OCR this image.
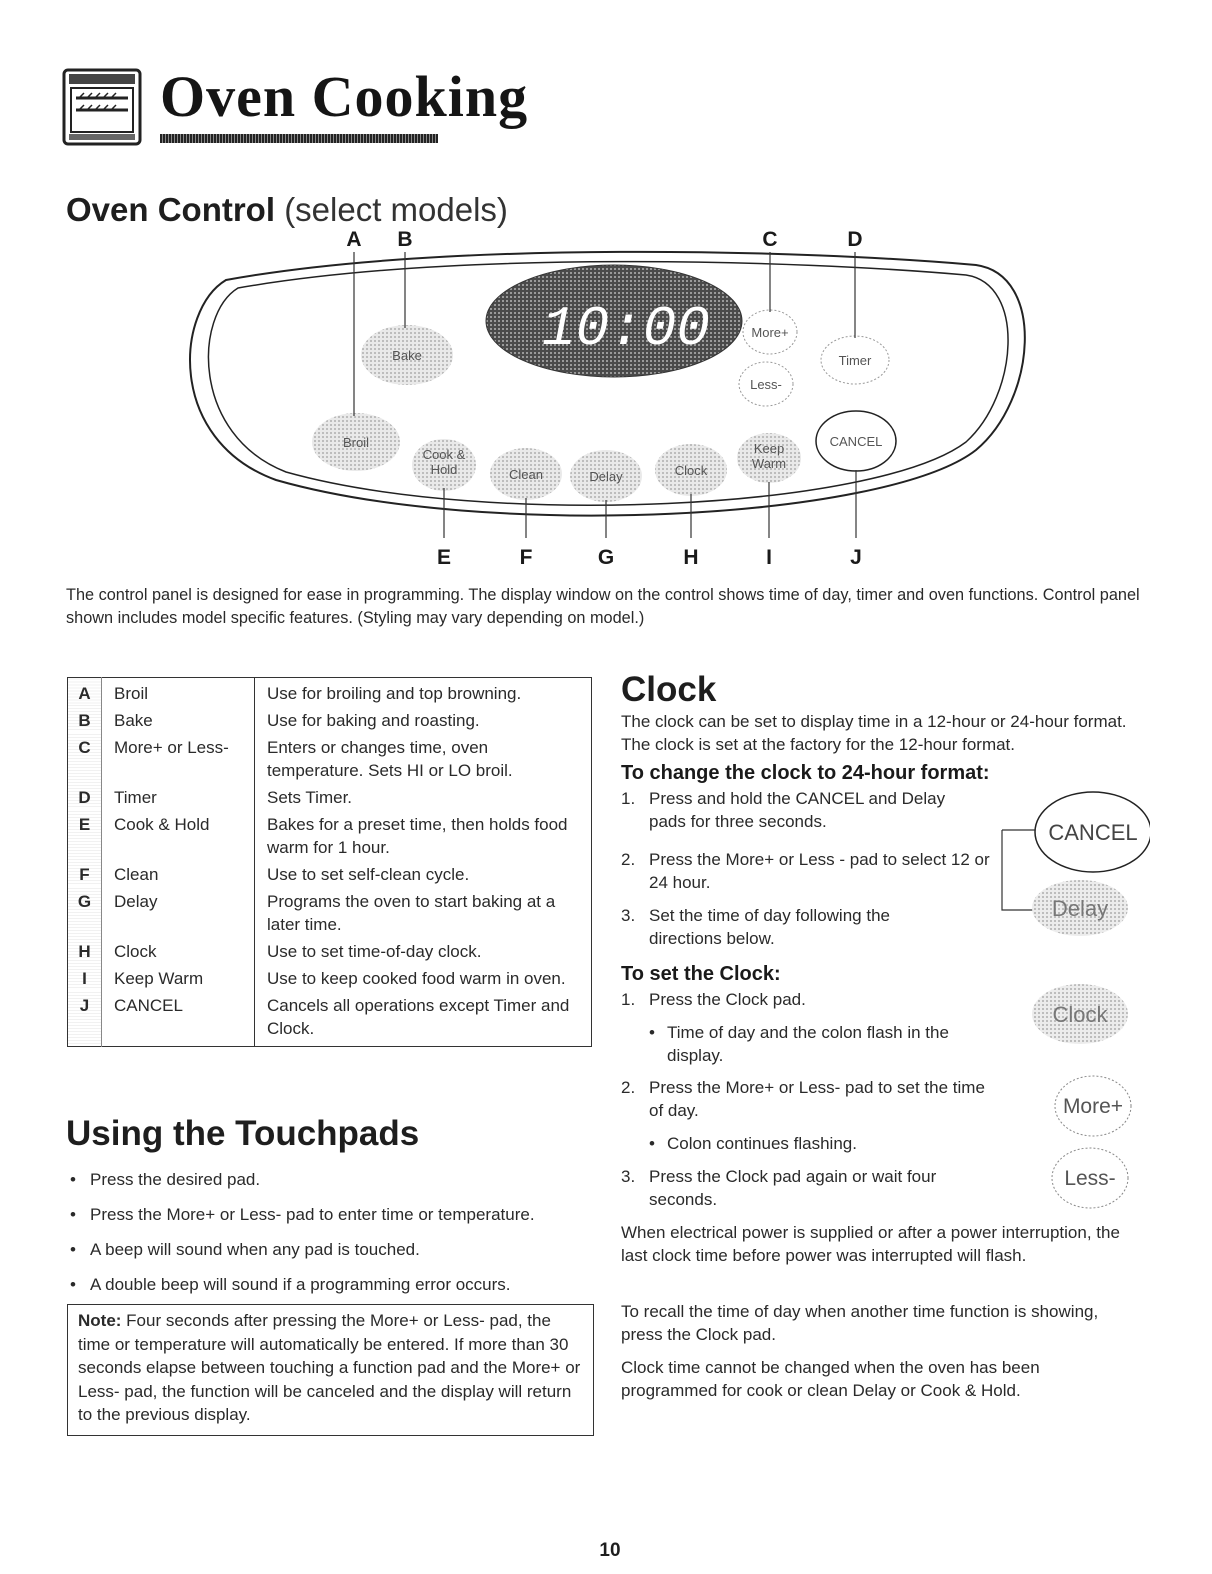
Oven Cooking
Oven Control (select models)
10:00
Bake
Broil
Cook &
Hold	Clean	Delay	Clock
Keep
Warm
More+
Less-
Timer
CANCEL
A B	C	D
E	F	G	H	I	J
The control panel is designed for ease in programming. The display window on the control shows time of day, timer and oven functions. Control panel shown includes model specific features. (Styling may vary depending on model.)
A	Broil	Use for broiling and top browning.
B	Bake	Use for baking and roasting.
C	More+ or Less-	Enters or changes time, oven temperature. Sets HI or LO broil.
D	Timer	Sets Timer.
E	Cook & Hold	Bakes for a preset time, then holds food warm for 1 hour.
F	Clean	Use to set self-clean cycle.
G	Delay	Programs the oven to start baking at a later time.
H	Clock	Use to set time-of-day clock.
I	Keep Warm	Use to keep cooked food warm in oven.
J	CANCEL	Cancels all operations except Timer and Clock.

Using the Touchpads
• Press the desired pad.
• Press the More+ or Less- pad to enter time or temperature.
• A beep will sound when any pad is touched.
• A double beep will sound if a programming error occurs.
Note: Four seconds after pressing the More+ or Less- pad, the time or temperature will automatically be entered. If more than 30 seconds elapse between touching a function pad and the More+ or Less- pad, the function will be canceled and the display will return to the previous display.
Clock
The clock can be set to display time in a 12-hour or 24-hour format. The clock is set at the factory for the 12-hour format.
To change the clock to 24-hour format:
1. Press and hold the CANCEL and Delay pads for three seconds.
2. Press the More+ or Less - pad to select 12 or 24 hour.
3. Set the time of day following the directions below.
To set the Clock:
1. Press the Clock pad.
• Time of day and the colon flash in the display.
2. Press the More+ or Less- pad to set the time of day.
• Colon continues flashing.
3. Press the Clock pad again or wait four seconds.
When electrical power is supplied or after a power interruption, the last clock time before power was interrupted will flash.
To recall the time of day when another time function is showing, press the Clock pad.
Clock time cannot be changed when the oven has been programmed for cook or clean Delay or Cook & Hold.
CANCEL
Delay
Clock
More+
Less-
10
